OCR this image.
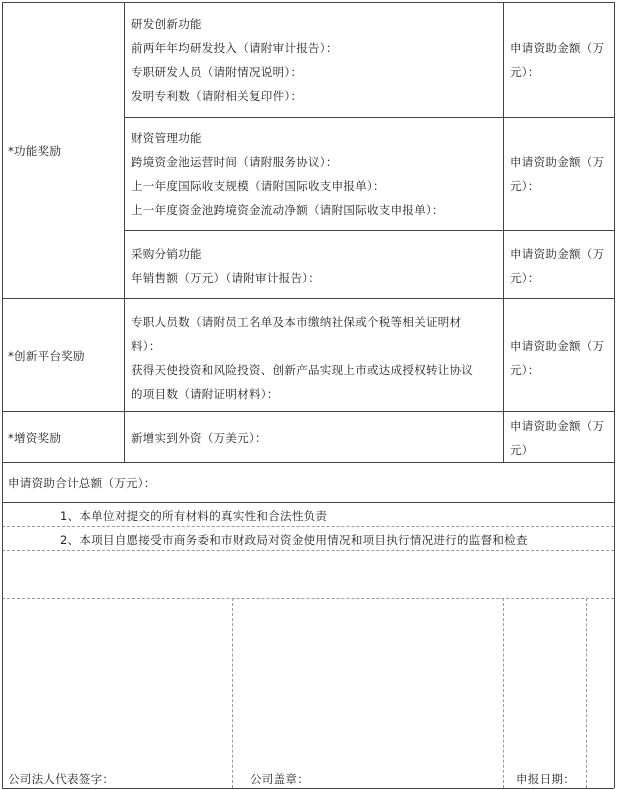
*功能奖励
*创新平台奖励
*增资奖励
研发创新功能
前两年年均研发投入（请附审计报告）：
专职研发人员（请附情况说明）：
发明专利数（请附相关复印件）：
申请资助金额（万元）：
财资管理功能
跨境资金池运营时间（请附服务协议）：
上一年度国际收支规模（请附国际收支申报单）：
上一年度资金池跨境资金流动净额（请附国际收支申报单）：
申请资助金额（万元）：
采购分销功能
年销售额（万元）（请附审计报告）：
申请资助金额（万元）：
专职人员数（请附员工名单及本市缴纳社保或个税等相关证明材
料）：
获得天使投资和风险投资、创新产品实现上市或达成授权转让协议
的项目数（请附证明材料）：
申请资助金额（万元）：
新增实到外资（万美元）：
申请资助金额（万元）
申请资助合计总额（万元）：
1、本单位对提交的所有材料的真实性和合法性负责
2、本项目自愿接受市商务委和市财政局对资金使用情况和项目执行情况进行的监督和检查
公司法人代表签字：	公司盖章：	申报日期：
